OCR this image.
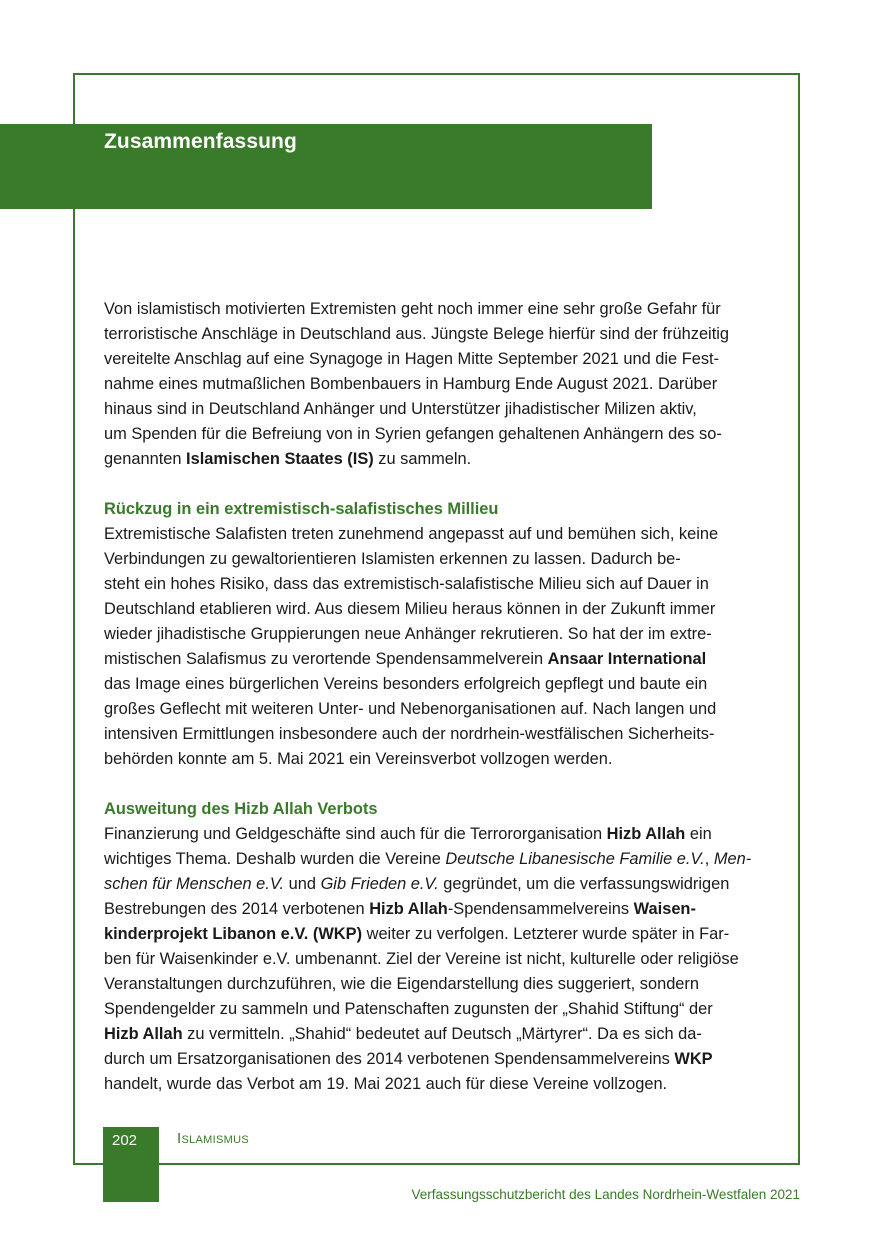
Zusammenfassung

Von islamistisch motivierten Extremisten geht noch immer eine sehr große Gefahr für
terroristische Anschläge in Deutschland aus. Jüngste Belege hierfür sind der frühzeitig
vereitelte Anschlag auf eine Synagoge in Hagen Mitte September 2021 und die Fest-
nahme eines mutmaßlichen Bombenbauers in Hamburg Ende August 2021. Darüber
hinaus sind in Deutschland Anhänger und Unterstützer jihadistischer Milizen aktiv,
um Spenden für die Befreiung von in Syrien gefangen gehaltenen Anhängern des so-
genannten Islamischen Staates (IS) zu sammeln.

Rückzug in ein extremistisch-salafistisches Millieu

Extremistische Salafisten treten zunehmend angepasst auf und bemühen sich, keine
Verbindungen zu gewaltorientieren Islamisten erkennen zu lassen. Dadurch be-
steht ein hohes Risiko, dass das extremistisch-salafistische Milieu sich auf Dauer in
Deutschland etablieren wird. Aus diesem Milieu heraus können in der Zukunft immer
wieder jihadistische Gruppierungen neue Anhänger rekrutieren. So hat der im extre-
mistischen Salafismus zu verortende Spendensammelverein Ansaar International
das Image eines bürgerlichen Vereins besonders erfolgreich gepflegt und baute ein
großes Geflecht mit weiteren Unter- und Nebenorganisationen auf. Nach langen und
intensiven Ermittlungen insbesondere auch der nordrhein-westfälischen Sicherheits-
behörden konnte am 5. Mai 2021 ein Vereinsverbot vollzogen werden.

Ausweitung des Hizb Allah Verbots

Finanzierung und Geldgeschäfte sind auch für die Terrororganisation Hizb Allah ein
wichtiges Thema. Deshalb wurden die Vereine Deutsche Libanesische Familie e.V., Men-
schen für Menschen e.V. und Gib Frieden e.V. gegründet, um die verfassungswidrigen
Bestrebungen des 2014 verbotenen Hizb Allah-Spendensammelvereins Waisen-
kinderprojekt Libanon e.V. (WKP) weiter zu verfolgen. Letzterer wurde später in Far-
ben für Waisenkinder e.V. umbenannt. Ziel der Vereine ist nicht, kulturelle oder religiöse
Veranstaltungen durchzuführen, wie die Eigendarstellung dies suggeriert, sondern
Spendengelder zu sammeln und Patenschaften zugunsten der „Shahid Stiftung“ der
Hizb Allah zu vermitteln. „Shahid“ bedeutet auf Deutsch „Märtyrer“. Da es sich da-
durch um Ersatzorganisationen des 2014 verbotenen Spendensammelvereins WKP
handelt, wurde das Verbot am 19. Mai 2021 auch für diese Vereine vollzogen.

202	Islamismus
Verfassungsschutzbericht des Landes Nordrhein-Westfalen 2021
